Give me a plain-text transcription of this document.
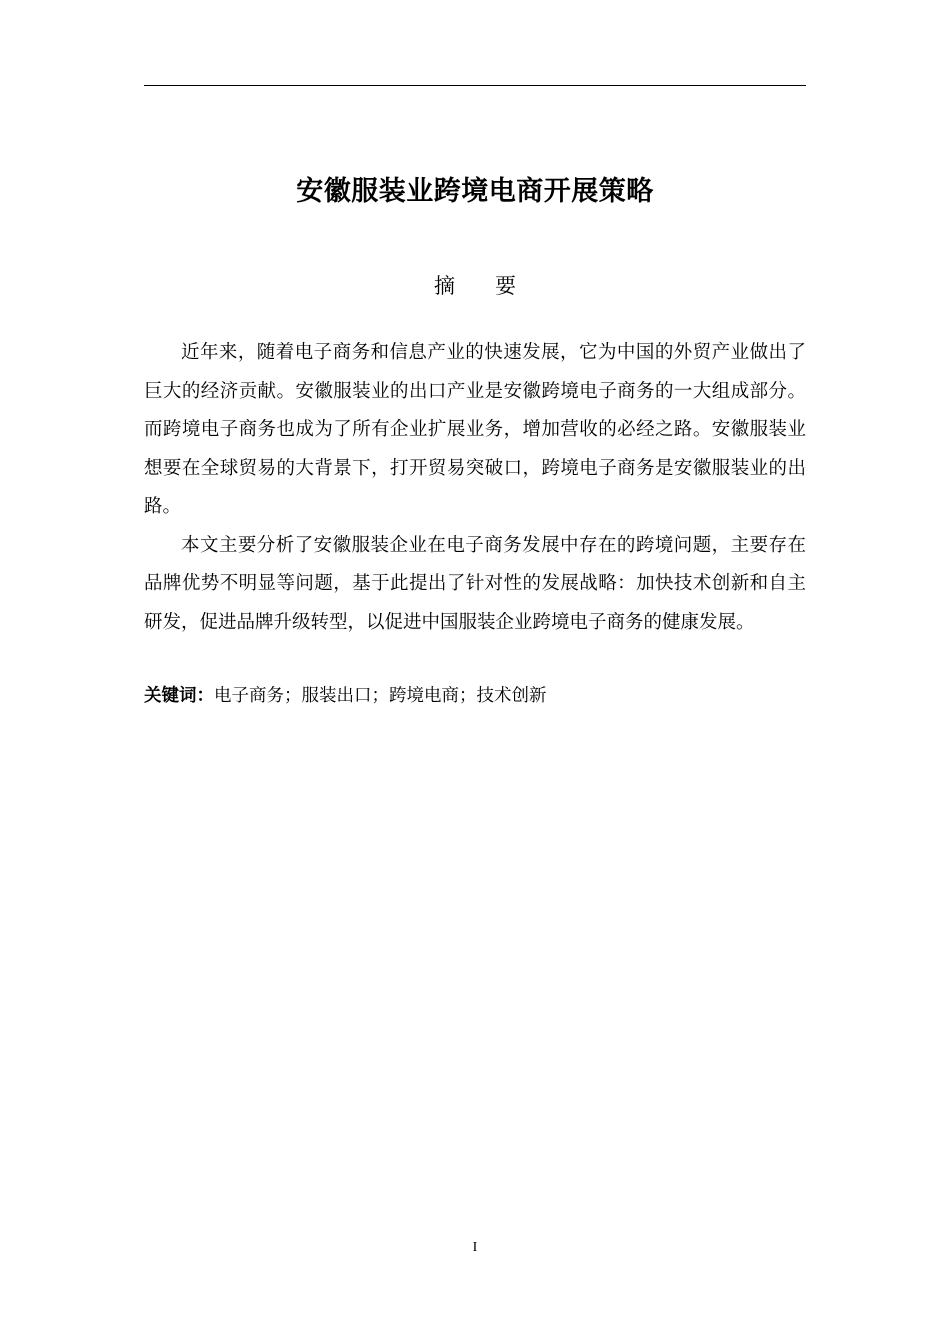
安徽服装业跨境电商开展策略
摘 要

近年来，随着电子商务和信息产业的快速发展，它为中国的外贸产业做出了巨大的经济贡献。安徽服装业的出口产业是安徽跨境电子商务的一大组成部分。而跨境电子商务也成为了所有企业扩展业务，增加营收的必经之路。安徽服装业想要在全球贸易的大背景下，打开贸易突破口，跨境电子商务是安徽服装业的出路。

本文主要分析了安徽服装企业在电子商务发展中存在的跨境问题，主要存在品牌优势不明显等问题，基于此提出了针对性的发展战略：加快技术创新和自主研发，促进品牌升级转型，以促进中国服装企业跨境电子商务的健康发展。

关键词：电子商务；服装出口；跨境电商；技术创新
I
